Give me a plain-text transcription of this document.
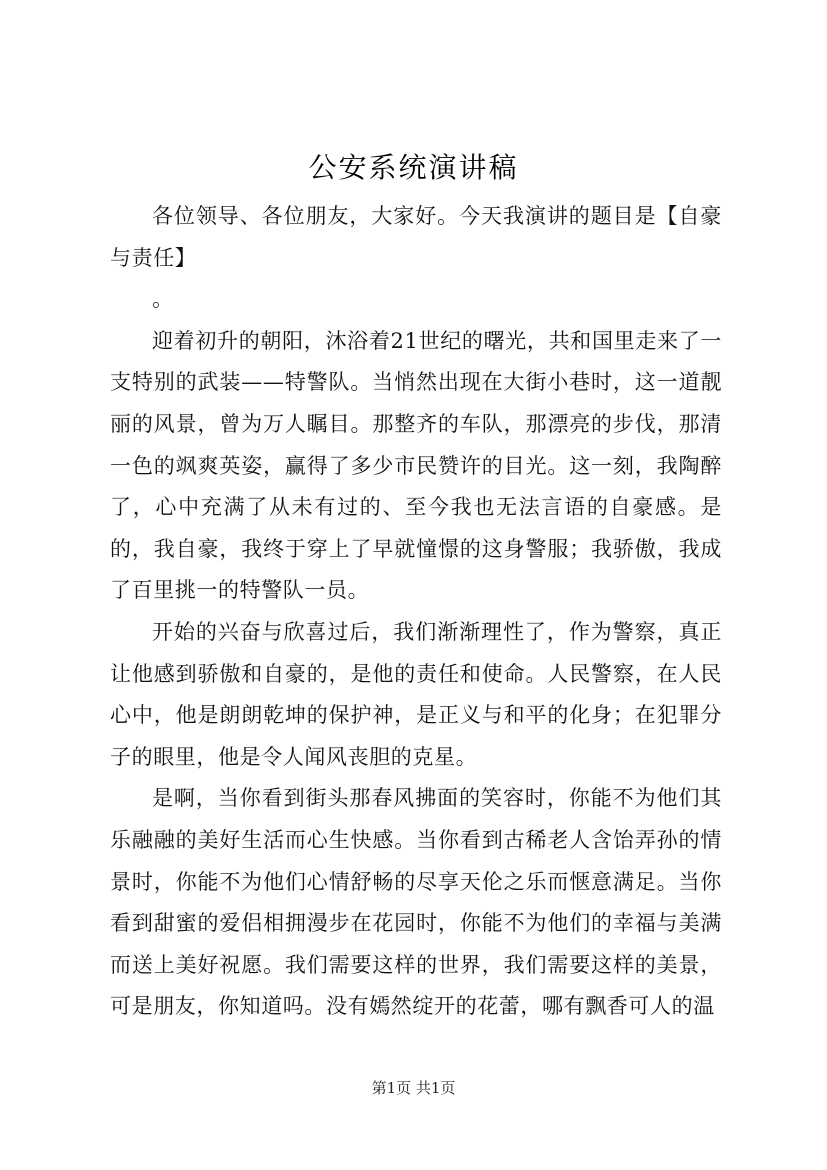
公安系统演讲稿

各位领导、各位朋友，大家好。今天我演讲的题目是【自豪与责任】

。

迎着初升的朝阳，沐浴着21世纪的曙光，共和国里走来了一支特别的武装——特警队。当悄然出现在大街小巷时，这一道靓丽的风景，曾为万人瞩目。那整齐的车队，那漂亮的步伐，那清一色的飒爽英姿，赢得了多少市民赞许的目光。这一刻，我陶醉了，心中充满了从未有过的、至今我也无法言语的自豪感。是的，我自豪，我终于穿上了早就憧憬的这身警服；我骄傲，我成了百里挑一的特警队一员。

开始的兴奋与欣喜过后，我们渐渐理性了，作为警察，真正让他感到骄傲和自豪的，是他的责任和使命。人民警察，在人民心中，他是朗朗乾坤的保护神，是正义与和平的化身；在犯罪分子的眼里，他是令人闻风丧胆的克星。

是啊，当你看到街头那春风拂面的笑容时，你能不为他们其乐融融的美好生活而心生快感。当你看到古稀老人含饴弄孙的情景时，你能不为他们心情舒畅的尽享天伦之乐而惬意满足。当你看到甜蜜的爱侣相拥漫步在花园时，你能不为他们的幸福与美满而送上美好祝愿。我们需要这样的世界，我们需要这样的美景，可是朋友，你知道吗。没有嫣然绽开的花蕾，哪有飘香可人的温

第1页 共1页
